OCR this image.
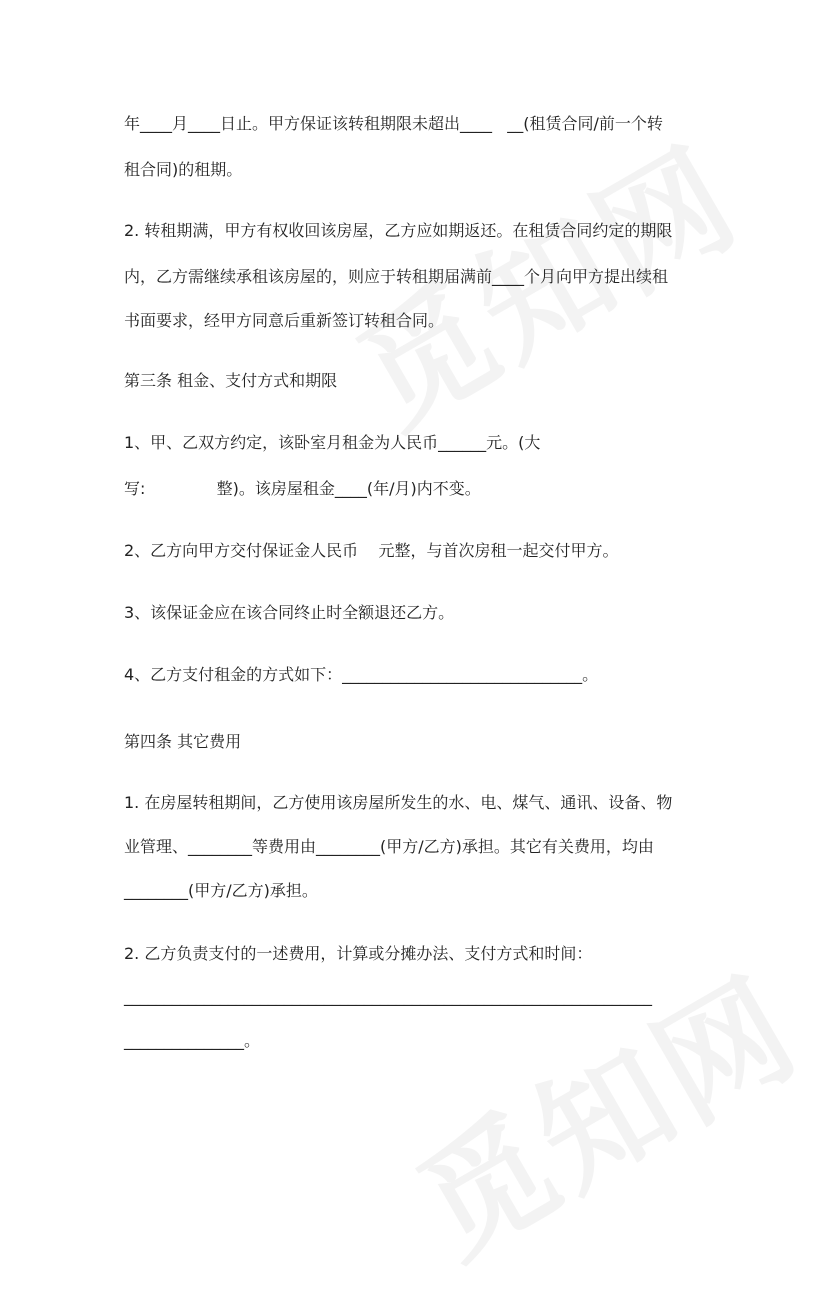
年____月____日止。甲方保证该转租期限未超出____   __(租赁合同/前一个转
租合同)的租期。
2. 转租期满，甲方有权收回该房屋，乙方应如期返还。在租赁合同约定的期限
内，乙方需继续承租该房屋的，则应于转租期届满前____个月向甲方提出续租
书面要求，经甲方同意后重新签订转租合同。
第三条 租金、支付方式和期限
1、甲、乙双方约定，该卧室月租金为人民币______元。(大
写:              整)。该房屋租金____(年/月)内不变。
2、乙方向甲方交付保证金人民币    元整，与首次房租一起交付甲方。
3、该保证金应在该合同终止时全额退还乙方。
4、乙方支付租金的方式如下：______________________________。
第四条 其它费用
1. 在房屋转租期间，乙方使用该房屋所发生的水、电、煤气、通讯、设备、物
业管理、________等费用由________(甲方/乙方)承担。其它有关费用，均由
________(甲方/乙方)承担。
2. 乙方负责支付的一述费用，计算或分摊办法、支付方式和时间：
__________________________________________________________________
_______________。
